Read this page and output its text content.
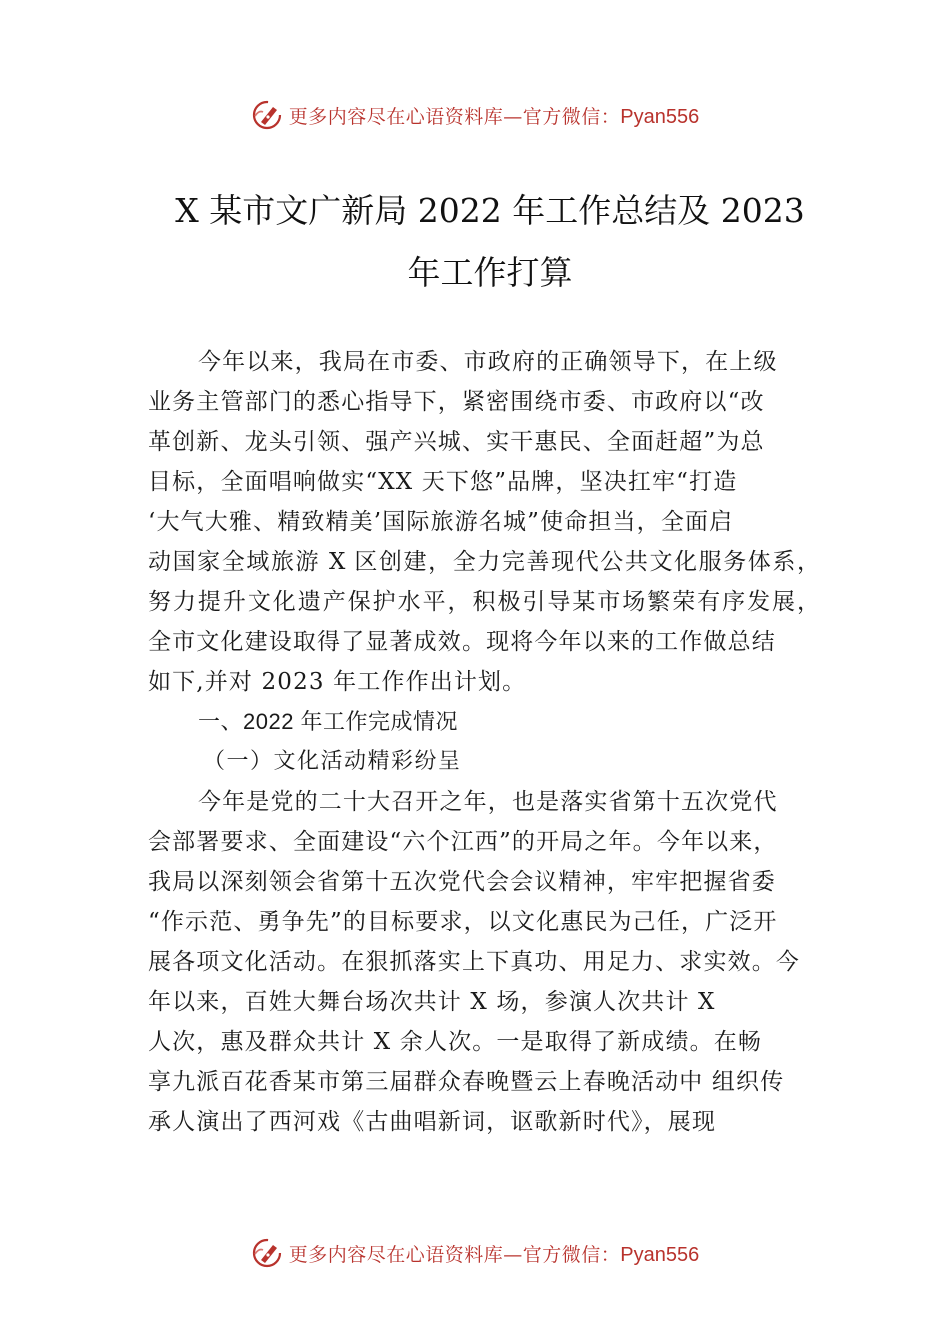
更多内容尽在心语资料库—官方微信：Pyan556
X 某市文广新局 2022 年工作总结及 2023
年工作打算
今年以来，我局在市委、市政府的正确领导下，在上级
业务主管部门的悉心指导下，紧密围绕市委、市政府以“改
革创新、龙头引领、强产兴城、实干惠民、全面赶超”为总
目标，全面唱响做实“XX 天下悠”品牌，坚决扛牢“打造
‘大气大雅、精致精美’国际旅游名城”使命担当，全面启
动国家全域旅游 X 区创建，全力完善现代公共文化服务体系，
努力提升文化遗产保护水平，积极引导某市场繁荣有序发展，
全市文化建设取得了显著成效。现将今年以来的工作做总结
如下,并对 2023 年工作作出计划。
一、2022 年工作完成情况
（一）文化活动精彩纷呈
今年是党的二十大召开之年，也是落实省第十五次党代
会部署要求、全面建设“六个江西”的开局之年。今年以来，
我局以深刻领会省第十五次党代会会议精神，牢牢把握省委
“作示范、勇争先”的目标要求，以文化惠民为己任，广泛开
展各项文化活动。在狠抓落实上下真功、用足力、求实效。今
年以来，百姓大舞台场次共计 X 场，参演人次共计 X
人次，惠及群众共计 X 余人次。一是取得了新成绩。在畅
享九派百花香某市第三届群众春晚暨云上春晚活动中 组织传
承人演出了西河戏《古曲唱新词，讴歌新时代》，展现
更多内容尽在心语资料库—官方微信：Pyan556
